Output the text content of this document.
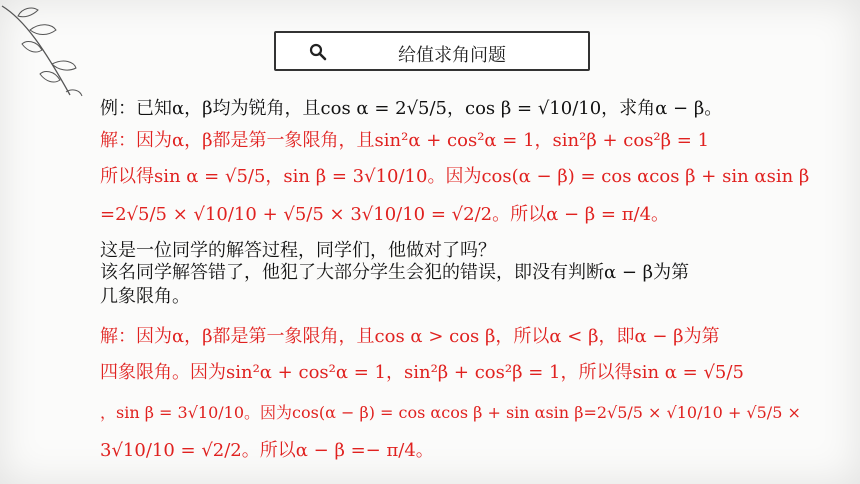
给值求角问题
例：已知α，β均为锐角，且cos α = 2√5/5，cos β = √10/10，求角α − β。
解：因为α，β都是第一象限角，且sin²α + cos²α = 1，sin²β + cos²β = 1
所以得sin α = √5/5，sin β = 3√10/10。因为cos(α − β) = cos αcos β + sin αsin β
=2√5/5 × √10/10 + √5/5 × 3√10/10 = √2/2。所以α − β = π/4。
这是一位同学的解答过程，同学们，他做对了吗？
该名同学解答错了，他犯了大部分学生会犯的错误，即没有判断α − β为第
几象限角。
解：因为α，β都是第一象限角，且cos α > cos β，所以α < β，即α − β为第
四象限角。因为sin²α + cos²α = 1，sin²β + cos²β = 1，所以得sin α = √5/5
，sin β = 3√10/10。因为cos(α − β) = cos αcos β + sin αsin β=2√5/5 × √10/10 + √5/5 ×
3√10/10 = √2/2。所以α − β =− π/4。
